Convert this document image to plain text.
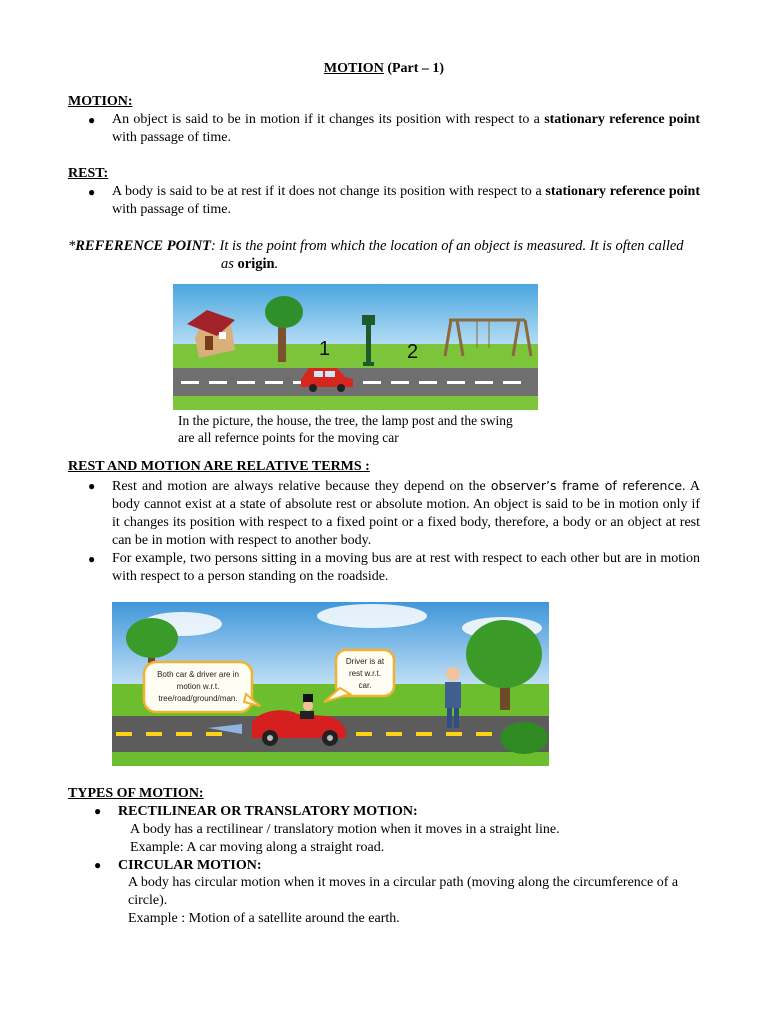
MOTION (Part – 1)
MOTION:
● An object is said to be in motion if it changes its position with respect to a stationary reference point with passage of time.
REST:
● A body is said to be at rest if it does not change its position with respect to a stationary reference point with passage of time.
*REFERENCE POINT: It is the point from which the location of an object is measured. It is often called
as origin.
1	2
In the picture, the house, the tree, the lamp post and the swing
are all refernce points for the moving car
REST AND MOTION ARE RELATIVE TERMS :
● Rest and motion are always relative because they depend on the observer’s frame of reference. A body cannot exist at a state of absolute rest or absolute motion. An object is said to be in motion only if it changes its position with respect to a fixed point or a fixed body, therefore, a body or an object at rest can be in motion with respect to another body.
● For example, two persons sitting in a moving bus are at rest with respect to each other but are in motion with respect to a person standing on the roadside.
Both car & driver are in
motion w.r.t.
tree/road/ground/man.
Driver is at
rest w.r.t.
car.
TYPES OF MOTION:
● RECTILINEAR OR TRANSLATORY MOTION:
A body has a rectilinear / translatory motion when it moves in a straight line.
Example: A car moving along a straight road.
● CIRCULAR MOTION:
A body has circular motion when it moves in a circular path (moving along the circumference of a circle).
Example : Motion of a satellite around the earth.
